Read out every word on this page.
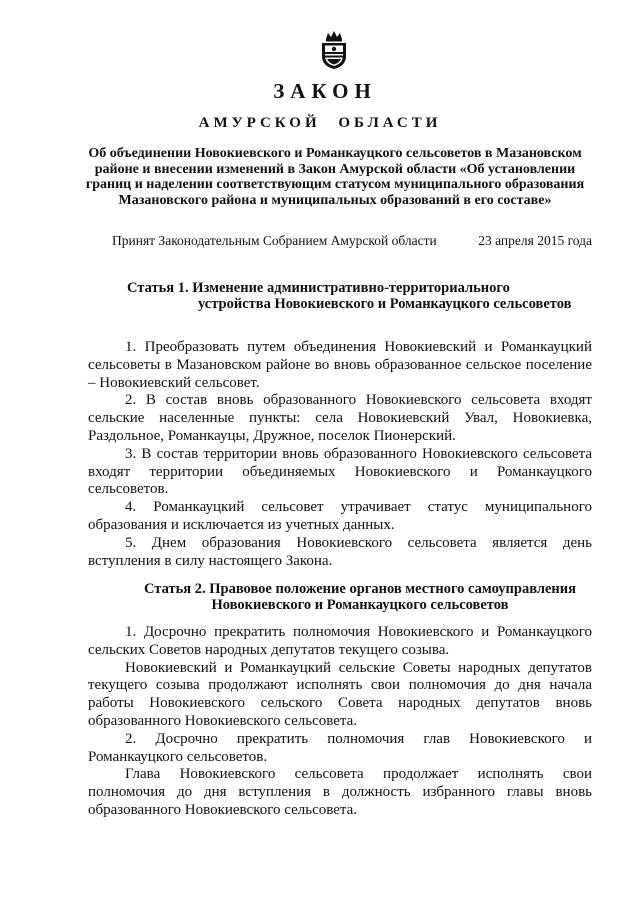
ЗАКОН
АМУРСКОЙ ОБЛАСТИ
Об объединении Новокиевского и Романкауцкого сельсоветов в Мазановском районе и внесении изменений в Закон Амурской области «Об установлении границ и наделении соответствующим статусом муниципального образования Мазановского района и муниципальных образований в его составе»
Принят Законодательным Собранием Амурской области	23 апреля 2015 года
Статья 1. Изменение административно-территориального
устройства Новокиевского и Романкауцкого сельсоветов

1. Преобразовать путем объединения Новокиевский и Романкауцкий сельсоветы в Мазановском районе во вновь образованное сельское поселение – Новокиевский сельсовет.

2. В состав вновь образованного Новокиевского сельсовета входят сельские населенные пункты: села Новокиевский Увал, Новокиевка, Раздольное, Романкауцы, Дружное, поселок Пионерский.

3. В состав территории вновь образованного Новокиевского сельсовета входят территории объединяемых Новокиевского и Романкауцкого сельсоветов.

4. Романкауцкий сельсовет утрачивает статус муниципального образования и исключается из учетных данных.

5. Днем образования Новокиевского сельсовета является день вступления в силу настоящего Закона.

Статья 2. Правовое положение органов местного самоуправления Новокиевского и Романкауцкого сельсоветов

1. Досрочно прекратить полномочия Новокиевского и Романкауцкого сельских Советов народных депутатов текущего созыва.

Новокиевский и Романкауцкий сельские Советы народных депутатов текущего созыва продолжают исполнять свои полномочия до дня начала работы Новокиевского сельского Совета народных депутатов вновь образованного Новокиевского сельсовета.

2. Досрочно прекратить полномочия глав Новокиевского и Романкауцкого сельсоветов.

Глава Новокиевского сельсовета продолжает исполнять свои полномочия до дня вступления в должность избранного главы вновь образованного Новокиевского сельсовета.
